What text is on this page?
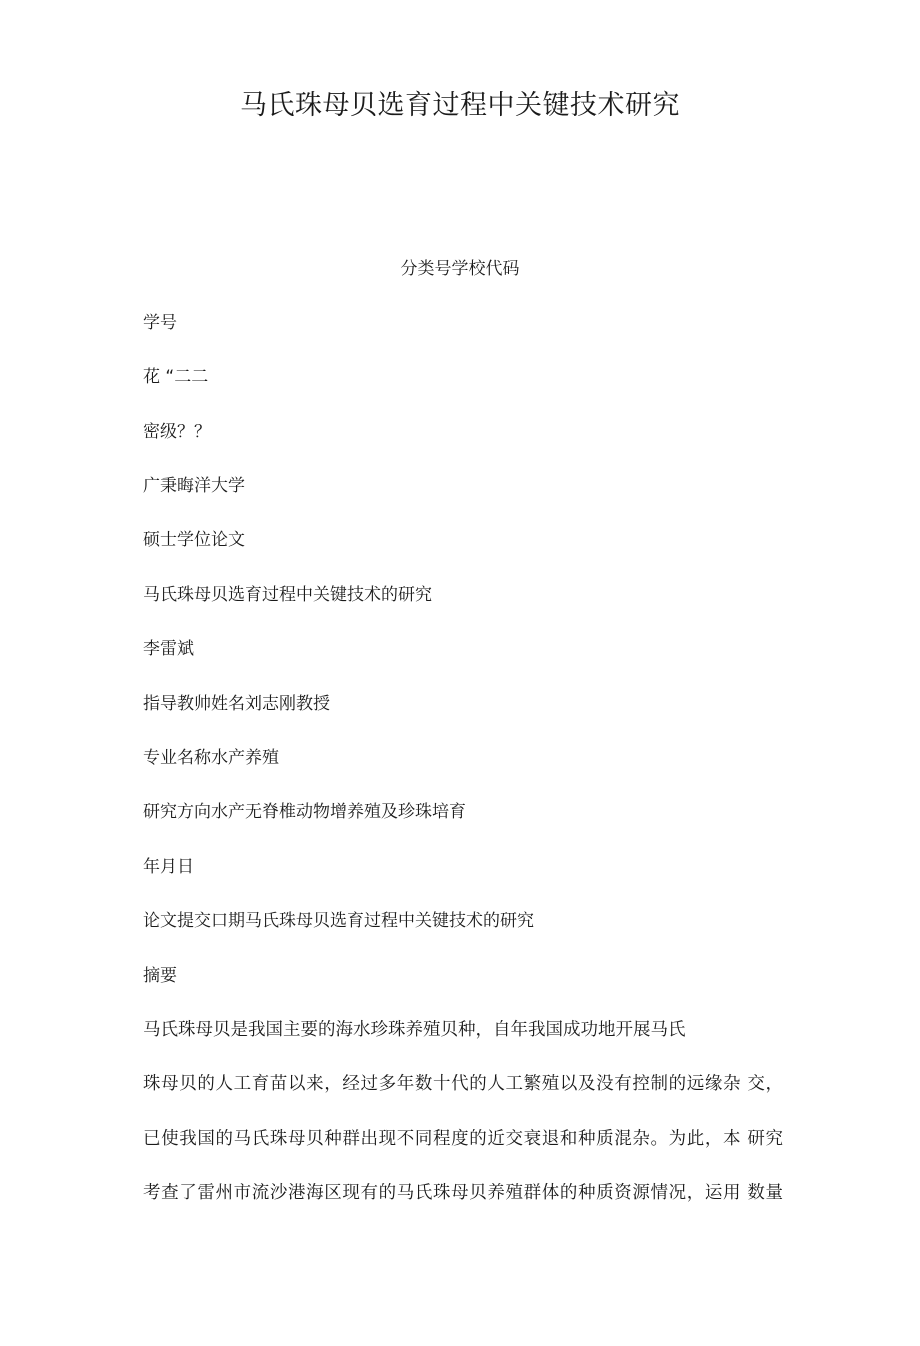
马氏珠母贝选育过程中关键技术研究
分类号学校代码
学号
花 “二二
密级？？
广秉晦洋大学
硕士学位论文
马氏珠母贝选育过程中关键技术的研究
李雷斌
指导教帅姓名刘志刚教授
专业名称水产养殖
研究方向水产无脊椎动物增养殖及珍珠培育
年月日
论文提交口期马氏珠母贝选育过程中关键技术的研究
摘要
马氏珠母贝是我国主要的海水珍珠养殖贝种，自年我国成功地开展马氏
珠母贝的人工育苗以来，经过多年数十代的人工繁殖以及没有控制的远缘杂 交，
已使我国的马氏珠母贝种群出现不同程度的近交衰退和种质混杂。为此，本 研究
考查了雷州市流沙港海区现有的马氏珠母贝养殖群体的种质资源情况，运用 数量
